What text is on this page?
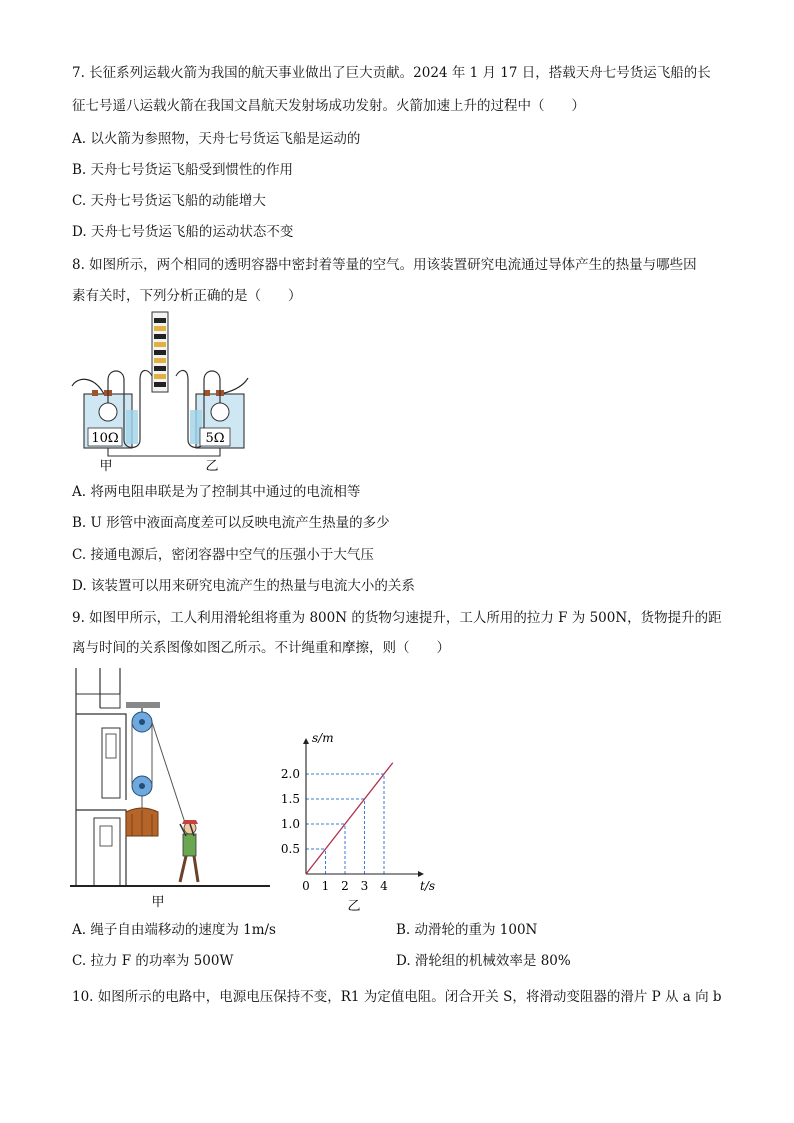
7. 长征系列运载火箭为我国的航天事业做出了巨大贡献。2024 年 1 月 17 日，搭载天舟七号货运飞船的长
征七号遥八运载火箭在我国文昌航天发射场成功发射。火箭加速上升的过程中（　　）
A. 以火箭为参照物，天舟七号货运飞船是运动的
B. 天舟七号货运飞船受到惯性的作用
C. 天舟七号货运飞船的动能增大
D. 天舟七号货运飞船的运动状态不变
8. 如图所示，两个相同的透明容器中密封着等量的空气。用该装置研究电流通过导体产生的热量与哪些因
素有关时，下列分析正确的是（　　）
10Ω	5Ω
甲	乙
A. 将两电阻串联是为了控制其中通过的电流相等
B. U 形管中液面高度差可以反映电流产生热量的多少
C. 接通电源后，密闭容器中空气的压强小于大气压
D. 该装置可以用来研究电流产生的热量与电流大小的关系
9. 如图甲所示，工人利用滑轮组将重为 800N 的货物匀速提升，工人所用的拉力 F 为 500N，货物提升的距
离与时间的关系图像如图乙所示。不计绳重和摩擦，则（　　）
甲
0 1 2 3 4
0.5
1.0
1.5
2.0
s/m
t/s
乙
A. 绳子自由端移动的速度为 1m/s	B. 动滑轮的重为 100N
C. 拉力 F 的功率为 500W	D. 滑轮组的机械效率是 80%
10. 如图所示的电路中，电源电压保持不变，R1 为定值电阻。闭合开关 S，将滑动变阻器的滑片 P 从 a 向 b
